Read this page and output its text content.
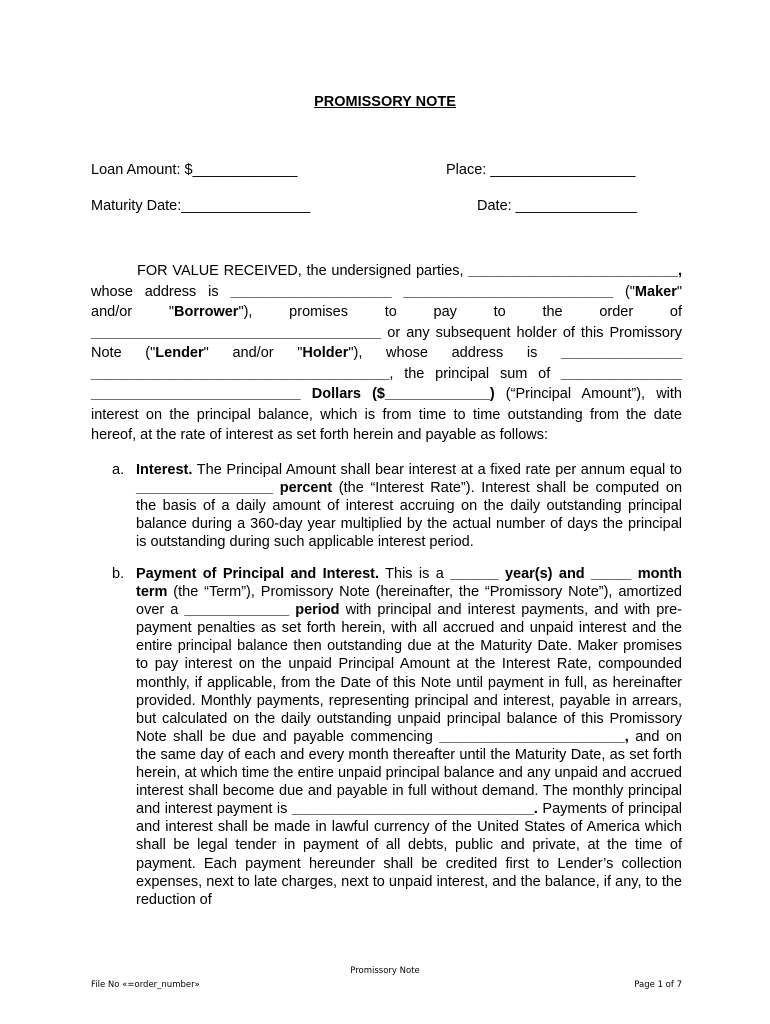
PROMISSORY NOTE
Loan Amount: $_____________	Place: __________________
Maturity Date:________________	Date: _______________

FOR VALUE RECEIVED, the undersigned parties, __________________________, whose address is ____________________ __________________________ ("Maker" and/or "Borrower"), promises to pay to the order of ____________________________________ or any subsequent holder of this Promissory Note ("Lender" and/or "Holder"), whose address is _______________ _____________________________________, the principal sum of _______________ __________________________ Dollars ($_____________) (“Principal Amount”), with interest on the principal balance, which is from time to time outstanding from the date hereof, at the rate of interest as set forth herein and payable as follows:

a. Interest. The Principal Amount shall bear interest at a fixed rate per annum equal to _________________ percent (the “Interest Rate”). Interest shall be computed on the basis of a daily amount of interest accruing on the daily outstanding principal balance during a 360-day year multiplied by the actual number of days the principal is outstanding during such applicable interest period.
b. Payment of Principal and Interest. This is a ______ year(s) and _____ month term (the “Term”), Promissory Note (hereinafter, the “Promissory Note”), amortized over a _____________ period with principal and interest payments, and with pre-payment penalties as set forth herein, with all accrued and unpaid interest and the entire principal balance then outstanding due at the Maturity Date. Maker promises to pay interest on the unpaid Principal Amount at the Interest Rate, compounded monthly, if applicable, from the Date of this Note until payment in full, as hereinafter provided. Monthly payments, representing principal and interest, payable in arrears, but calculated on the daily outstanding unpaid principal balance of this Promissory Note shall be due and payable commencing _______________________, and on the same day of each and every month thereafter until the Maturity Date, as set forth herein, at which time the entire unpaid principal balance and any unpaid and accrued interest shall become due and payable in full without demand. The monthly principal and interest payment is ______________________________. Payments of principal and interest shall be made in lawful currency of the United States of America which shall be legal tender in payment of all debts, public and private, at the time of payment. Each payment hereunder shall be credited first to Lender’s collection expenses, next to late charges, next to unpaid interest, and the balance, if any, to the reduction of
Promissory Note
File No «=order_number»	Page 1 of 7
